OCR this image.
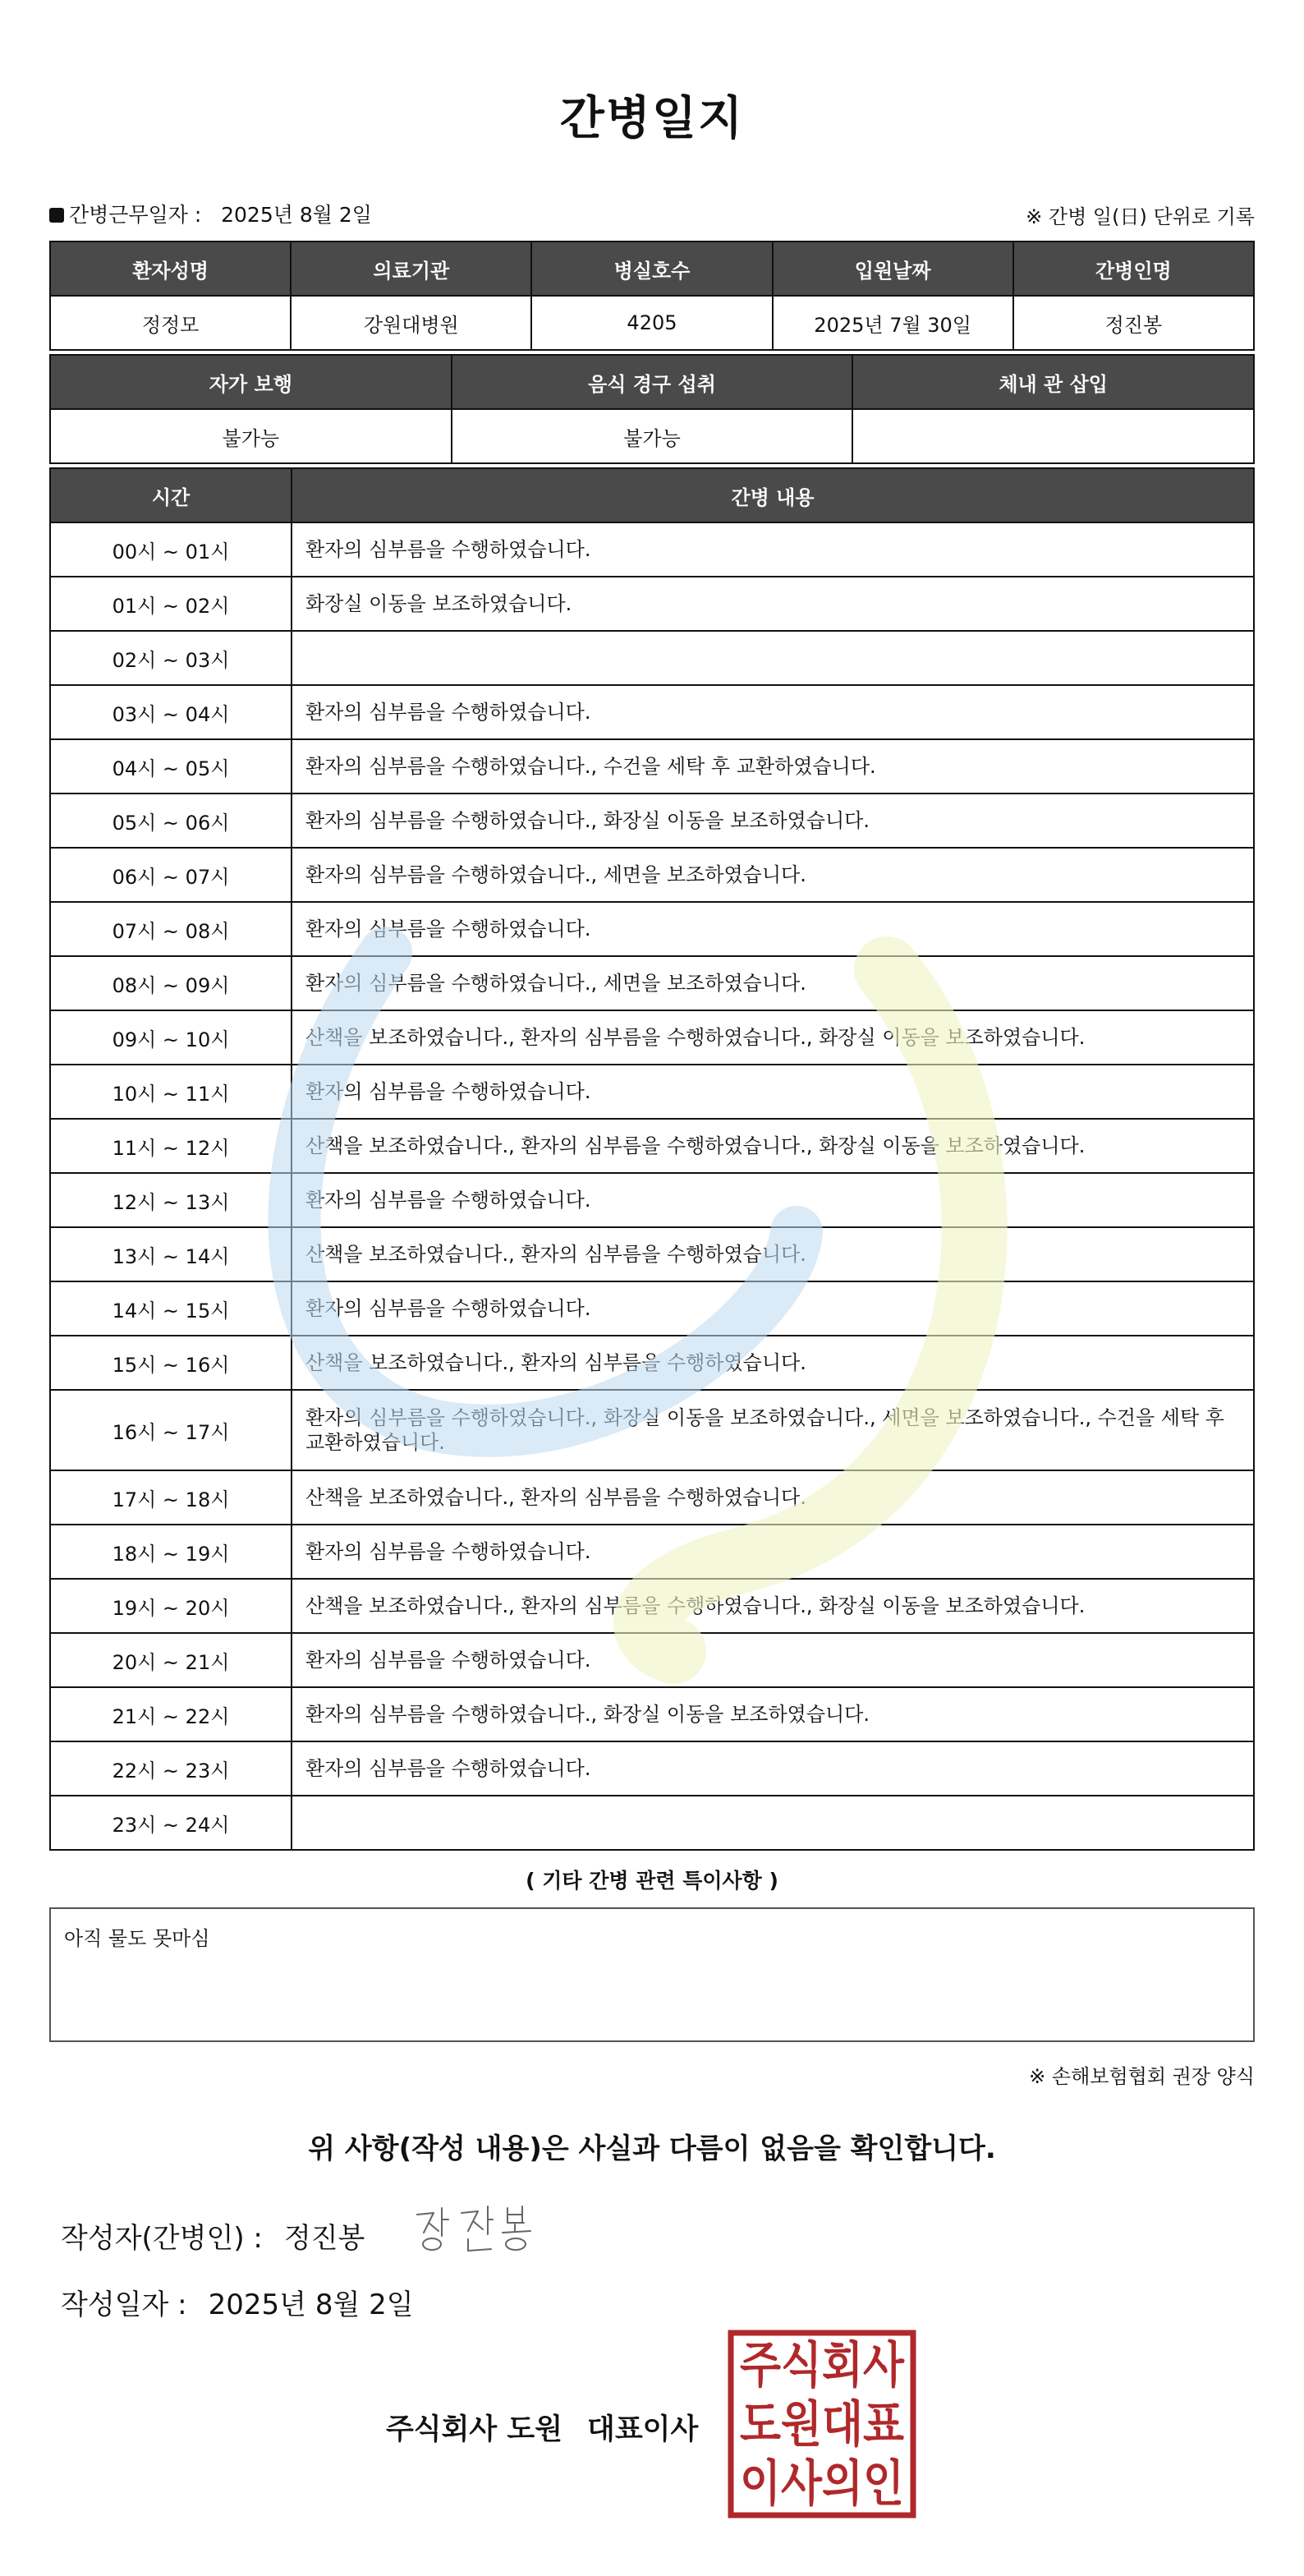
간병일지
간병근무일자 : 2025년 8월 2일	※ 간병 일(日) 단위로 기록
환자성명	의료기관	병실호수	입원날짜	간병인명
정정모	강원대병원	4205	2025년 7월 30일	정진봉
자가 보행	음식 경구 섭취	체내 관 삽입
불가능	불가능	
시간	간병 내용
00시 ~ 01시	환자의 심부름을 수행하였습니다.
01시 ~ 02시	화장실 이동을 보조하였습니다.
02시 ~ 03시	
03시 ~ 04시	환자의 심부름을 수행하였습니다.
04시 ~ 05시	환자의 심부름을 수행하였습니다., 수건을 세탁 후 교환하였습니다.
05시 ~ 06시	환자의 심부름을 수행하였습니다., 화장실 이동을 보조하였습니다.
06시 ~ 07시	환자의 심부름을 수행하였습니다., 세면을 보조하였습니다.
07시 ~ 08시	환자의 심부름을 수행하였습니다.
08시 ~ 09시	환자의 심부름을 수행하였습니다., 세면을 보조하였습니다.
09시 ~ 10시	산책을 보조하였습니다., 환자의 심부름을 수행하였습니다., 화장실 이동을 보조하였습니다.
10시 ~ 11시	환자의 심부름을 수행하였습니다.
11시 ~ 12시	산책을 보조하였습니다., 환자의 심부름을 수행하였습니다., 화장실 이동을 보조하였습니다.
12시 ~ 13시	환자의 심부름을 수행하였습니다.
13시 ~ 14시	산책을 보조하였습니다., 환자의 심부름을 수행하였습니다.
14시 ~ 15시	환자의 심부름을 수행하였습니다.
15시 ~ 16시	산책을 보조하였습니다., 환자의 심부름을 수행하였습니다.
16시 ~ 17시	환자의 심부름을 수행하였습니다., 화장실 이동을 보조하였습니다., 세면을 보조하였습니다., 수건을 세탁 후 교환하였습니다.
17시 ~ 18시	산책을 보조하였습니다., 환자의 심부름을 수행하였습니다.
18시 ~ 19시	환자의 심부름을 수행하였습니다.
19시 ~ 20시	산책을 보조하였습니다., 환자의 심부름을 수행하였습니다., 화장실 이동을 보조하였습니다.
20시 ~ 21시	환자의 심부름을 수행하였습니다.
21시 ~ 22시	환자의 심부름을 수행하였습니다., 화장실 이동을 보조하였습니다.
22시 ~ 23시	환자의 심부름을 수행하였습니다.
23시 ~ 24시	
( 기타 간병 관련 특이사항 )
아직 물도 못마심
※ 손해보험협회 권장 양식
위 사항(작성 내용)은 사실과 다름이 없음을 확인합니다.
작성자(간병인) : 정진봉
작성일자 : 2025년 8월 2일
주식회사 도원 대표이사
주식회사
도원대표
이사의인
